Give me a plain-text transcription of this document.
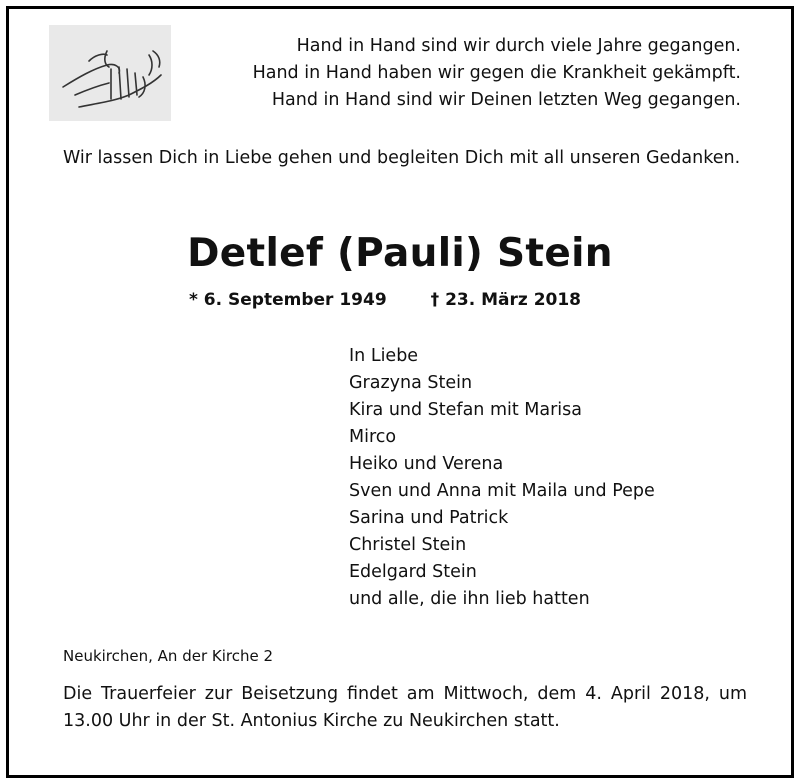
Hand in Hand sind wir durch viele Jahre gegangen.
Hand in Hand haben wir gegen die Krankheit gekämpft.
Hand in Hand sind wir Deinen letzten Weg gegangen.
Wir lassen Dich in Liebe gehen und begleiten Dich mit all unseren Gedanken.
Detlef (Pauli) Stein
* 6. September 1949	† 23. März 2018
In Liebe
Grazyna Stein
Kira und Stefan mit Marisa
Mirco
Heiko und Verena
Sven und Anna mit Maila und Pepe
Sarina und Patrick
Christel Stein
Edelgard Stein
und alle, die ihn lieb hatten
Neukirchen, An der Kirche 2
Die Trauerfeier zur Beisetzung findet am Mittwoch, dem 4. April 2018, um 13.00 Uhr in der St. Antonius Kirche zu Neukirchen statt.
